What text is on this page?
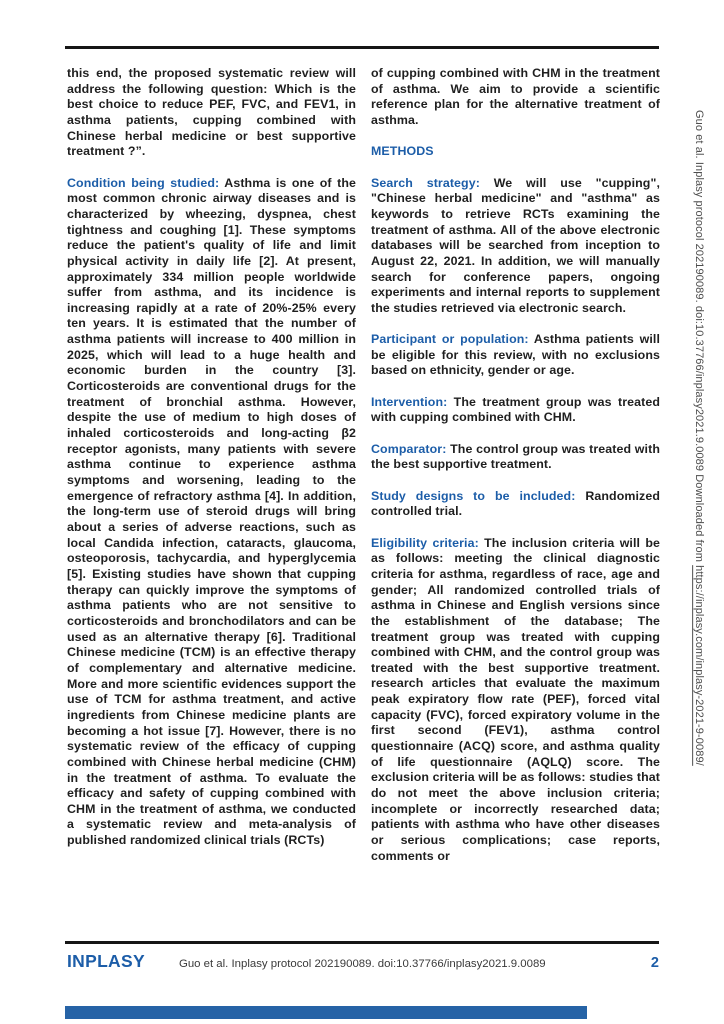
this end, the proposed systematic review will address the following question: Which is the best choice to reduce PEF, FVC, and FEV1, in asthma patients, cupping combined with Chinese herbal medicine or best supportive treatment ?”.

Condition being studied: Asthma is one of the most common chronic airway diseases and is characterized by wheezing, dyspnea, chest tightness and coughing [1]. These symptoms reduce the patient's quality of life and limit physical activity in daily life [2]. At present, approximately 334 million people worldwide suffer from asthma, and its incidence is increasing rapidly at a rate of 20%-25% every ten years. It is estimated that the number of asthma patients will increase to 400 million in 2025, which will lead to a huge health and economic burden in the country [3]. Corticosteroids are conventional drugs for the treatment of bronchial asthma. However, despite the use of medium to high doses of inhaled corticosteroids and long-acting β2 receptor agonists, many patients with severe asthma continue to experience asthma symptoms and worsening, leading to the emergence of refractory asthma [4]. In addition, the long-term use of steroid drugs will bring about a series of adverse reactions, such as local Candida infection, cataracts, glaucoma, osteoporosis, tachycardia, and hyperglycemia [5]. Existing studies have shown that cupping therapy can quickly improve the symptoms of asthma patients who are not sensitive to corticosteroids and bronchodilators and can be used as an alternative therapy [6]. Traditional Chinese medicine (TCM) is an effective therapy of complementary and alternative medicine. More and more scientific evidences support the use of TCM for asthma treatment, and active ingredients from Chinese medicine plants are becoming a hot issue [7]. However, there is no systematic review of the efficacy of cupping combined with Chinese herbal medicine (CHM) in the treatment of asthma. To evaluate the efficacy and safety of cupping combined with CHM in the treatment of asthma, we conducted a systematic review and meta-analysis of published randomized clinical trials (RCTs)

of cupping combined with CHM in the treatment of asthma. We aim to provide a scientific reference plan for the alternative treatment of asthma.

METHODS

Search strategy: We will use "cupping", "Chinese herbal medicine" and "asthma" as keywords to retrieve RCTs examining the treatment of asthma. All of the above electronic databases will be searched from inception to August 22, 2021. In addition, we will manually search for conference papers, ongoing experiments and internal reports to supplement the studies retrieved via electronic search.

Participant or population: Asthma patients will be eligible for this review, with no exclusions based on ethnicity, gender or age.

Intervention: The treatment group was treated with cupping combined with CHM.

Comparator: The control group was treated with the best supportive treatment.

Study designs to be included: Randomized controlled trial.

Eligibility criteria: The inclusion criteria will be as follows: meeting the clinical diagnostic criteria for asthma, regardless of race, age and gender; All randomized controlled trials of asthma in Chinese and English versions since the establishment of the database; The treatment group was treated with cupping combined with CHM, and the control group was treated with the best supportive treatment. research articles that evaluate the maximum peak expiratory flow rate (PEF), forced vital capacity (FVC), forced expiratory volume in the first second (FEV1), asthma control questionnaire (ACQ) score, and asthma quality of life questionnaire (AQLQ) score. The exclusion criteria will be as follows: studies that do not meet the above inclusion criteria; incomplete or incorrectly researched data; patients with asthma who have other diseases or serious complications; case reports, comments or

Guo et al. Inplasy protocol 202190089. doi:10.37766/inplasy2021.9.0089 Downloaded from https://inplasy.com/inplasy-2021-9-0089/
INPLASY	Guo et al. Inplasy protocol 202190089. doi:10.37766/inplasy2021.9.0089	2
